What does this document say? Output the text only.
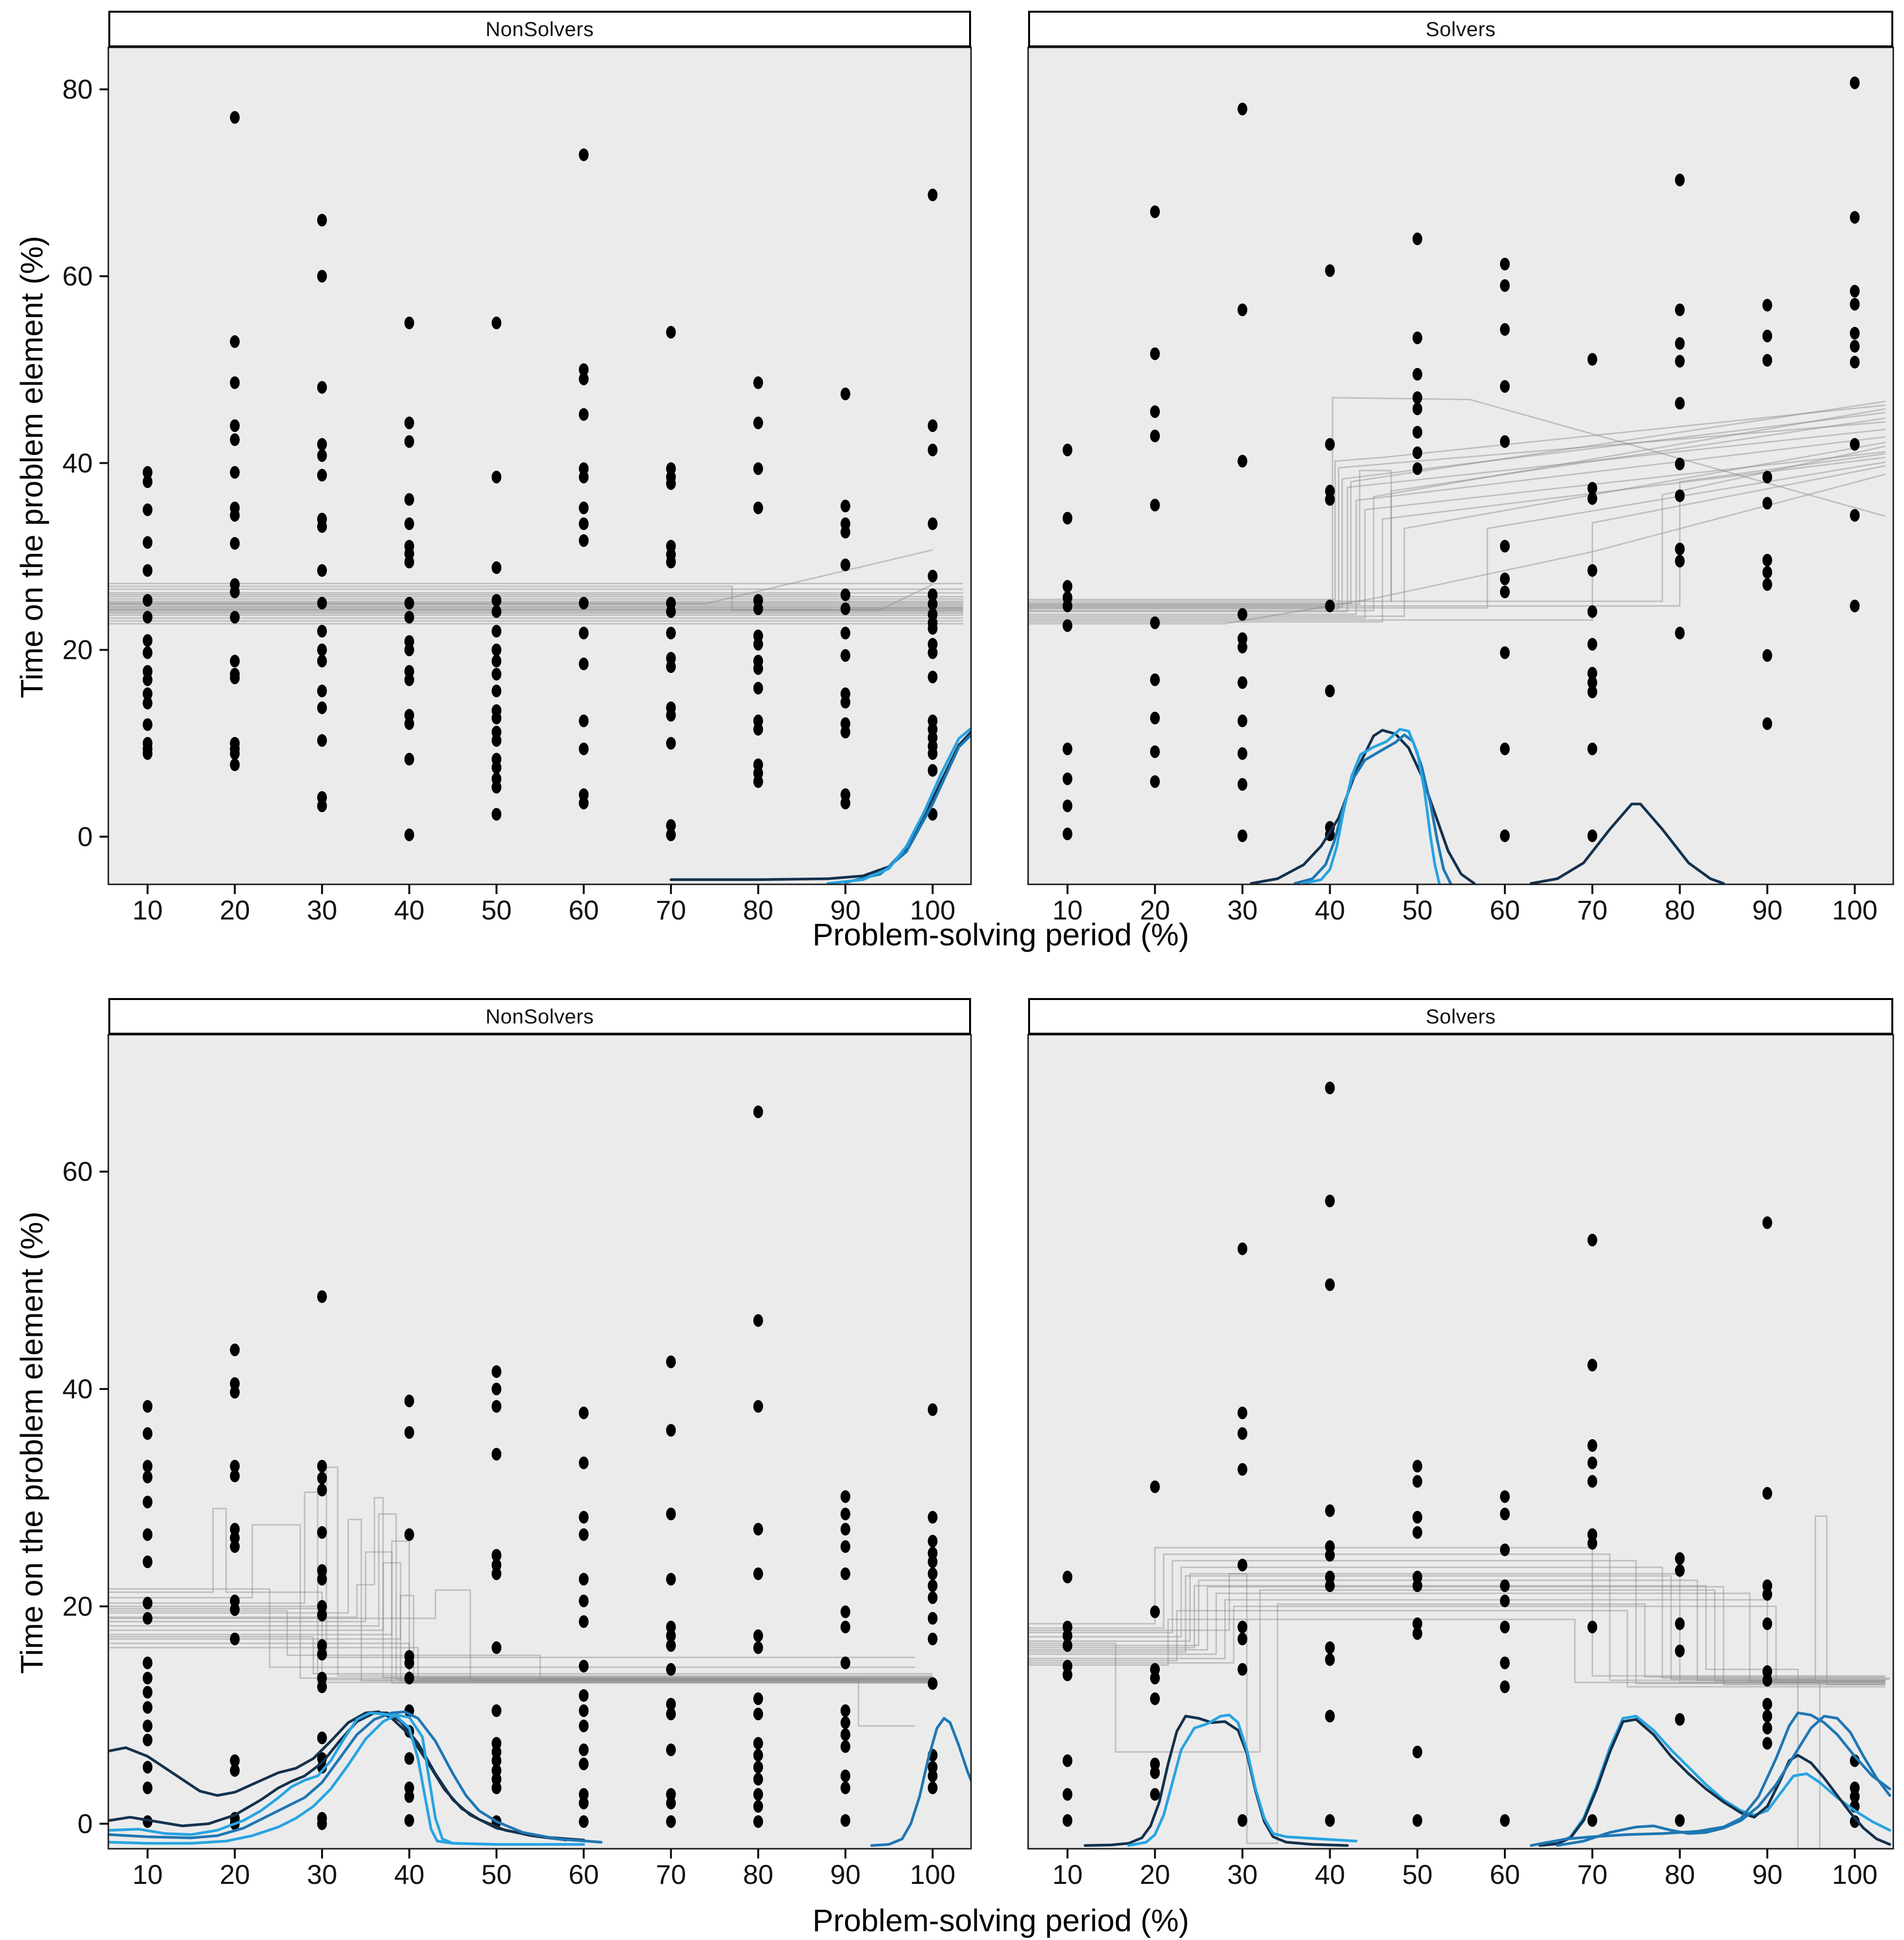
10 20 30 40 50 60 70 80 90 100
0
20
40
60
80
10 20 30 40 50 60 70 80 90 100
10 20 30 40 50 60 70 80 90 100
0
20
40
60
10 20 30 40 50 60 70 80 90 100
NonSolvers	Solvers
NonSolvers	Solvers
Problem-solving period (%)
Problem-solving period (%)
Time on the problem element (%)
Time on the problem element (%)
